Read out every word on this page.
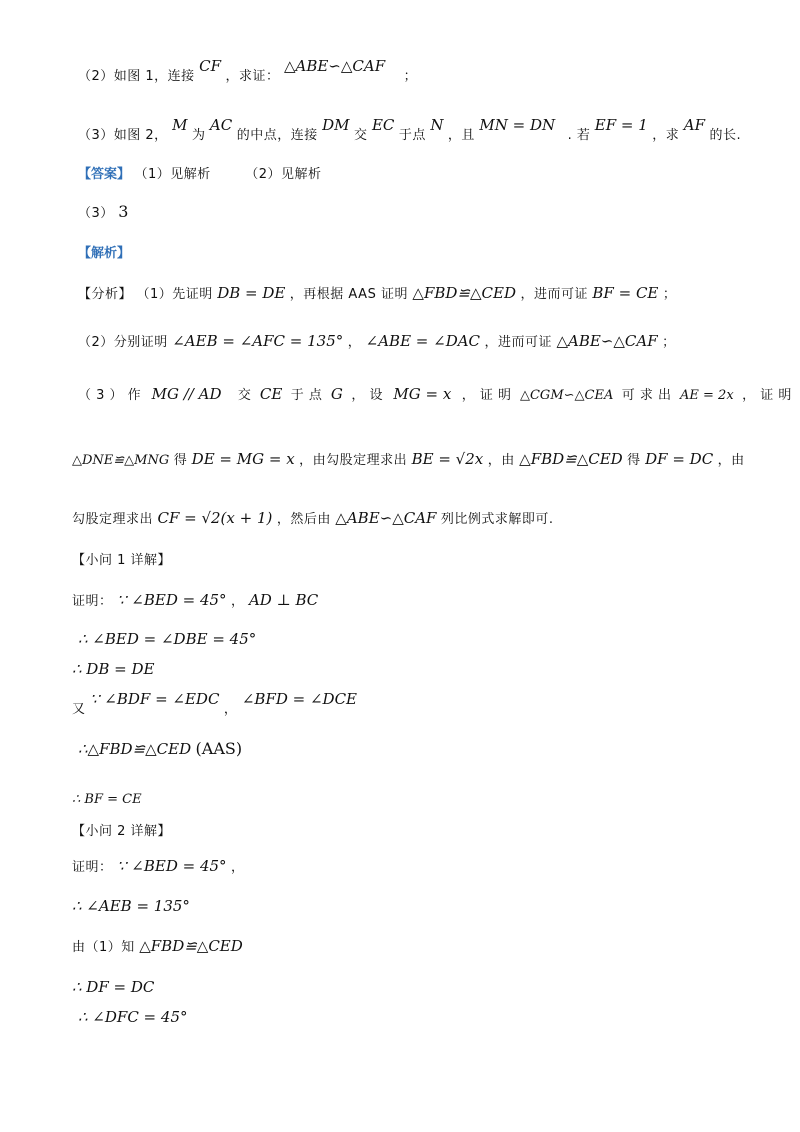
（2）如图 1，连接 CF ，求证： △ABE∽△CAF ；
（3）如图 2， M 为 AC 的中点，连接 DM 交 EC 于点 N ，且 MN = DN . 若 EF = 1 ，求 AF 的长.
【答案】 （1）见解析	（2）见解析
（3） 3
【解析】
【分析】 （1）先证明 DB = DE ，再根据 AAS 证明 △FBD≌△CED ，进而可证 BF = CE ；
（2）分别证明 ∠AEB = ∠AFC = 135° ， ∠ABE = ∠DAC ，进而可证 △ABE∽△CAF ；
（ 3 ） 作 MG // AD 交 CE 于 点 G ， 设 MG = x ， 证 明 △CGM∽△CEA 可 求 出 AE = 2x ， 证 明
△DNE≌△MNG 得 DE = MG = x ，由勾股定理求出 BE = √2x ，由 △FBD≌△CED 得 DF = DC ，由
勾股定理求出 CF = √2(x + 1) ，然后由 △ABE∽△CAF 列比例式求解即可.
【小问 1 详解】
证明： ∵ ∠BED = 45° ， AD ⊥ BC
∴ ∠BED = ∠DBE = 45°
∴ DB = DE
又 ∵ ∠BDF = ∠EDC ， ∠BFD = ∠DCE
∴△FBD≌△CED (AAS)
∴ BF = CE
【小问 2 详解】
证明： ∵ ∠BED = 45° ，
∴ ∠AEB = 135°
由（1）知 △FBD≌△CED
∴ DF = DC
∴ ∠DFC = 45°
